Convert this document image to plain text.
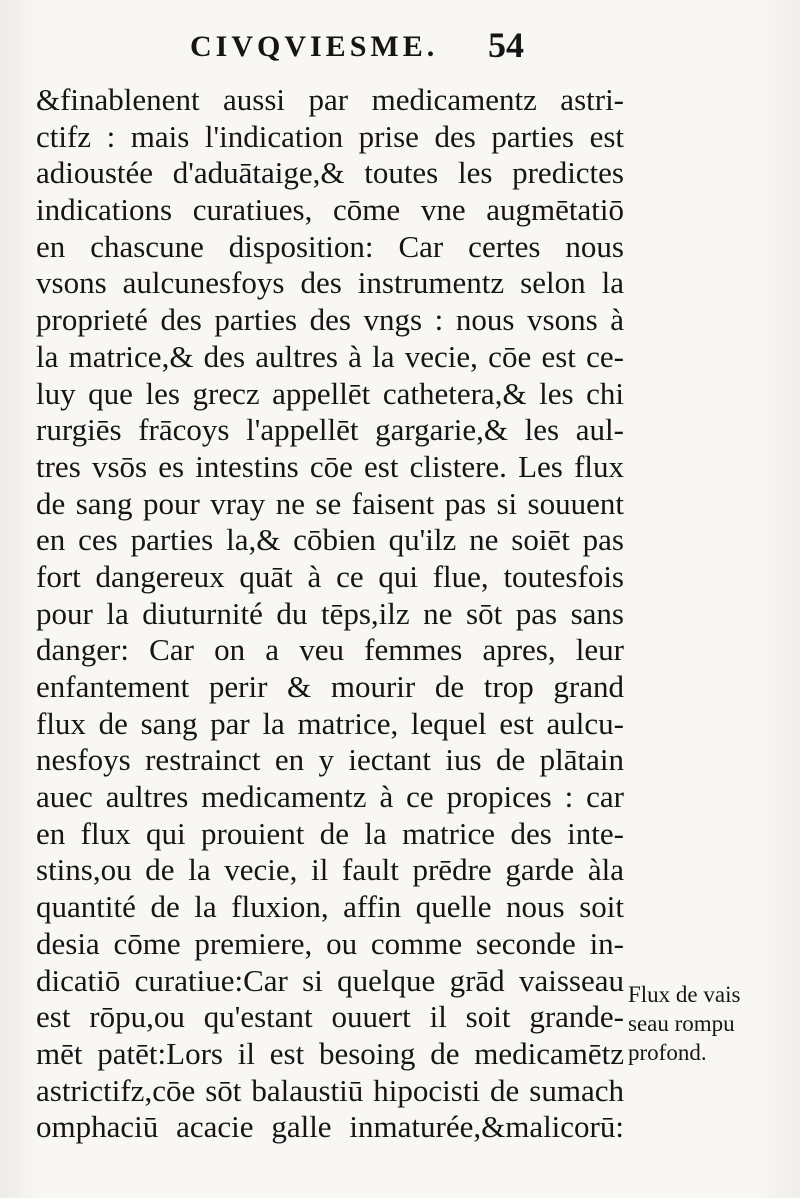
CIVQVIESME. 54
&finablenent aussi par medicamentz astri-
ctifz : mais l'indication prise des parties est
adioustée d'aduātaige,& toutes les predictes
indications curatiues, cōme vne augmētatiō
en chascune disposition: Car certes nous
vsons aulcunesfoys des instrumentz selon la
proprieté des parties des vngs : nous vsons à
la matrice,& des aultres à la vecie, cōe est ce-
luy que les grecz appellēt cathetera,& les chi
rurgiēs frācoys l'appellēt gargarie,& les aul-
tres vsōs es intestins cōe est clistere. Les flux
de sang pour vray ne se faisent pas si souuent
en ces parties la,& cōbien qu'ilz ne soiēt pas
fort dangereux quāt à ce qui flue, toutesfois
pour la diuturnité du tēps,ilz ne sōt pas sans
danger: Car on a veu femmes apres, leur
enfantement perir & mourir de trop grand
flux de sang par la matrice, lequel est aulcu-
nesfoys restrainct en y iectant ius de plātain
auec aultres medicamentz à ce propices : car
en flux qui prouient de la matrice des inte-
stins,ou de la vecie, il fault prēdre garde àla
quantité de la fluxion, affin quelle nous soit
desia cōme premiere, ou comme seconde in-
dicatiō curatiue:Car si quelque grād vaisseau
est rōpu,ou qu'estant ouuert il soit grande-
mēt patēt:Lors il est besoing de medicamētz
astrictifz,cōe sōt balaustiū hipocisti de sumach
omphaciū acacie galle inmaturée,&malicorū:
Flux de vais
seau rompu
profond.
